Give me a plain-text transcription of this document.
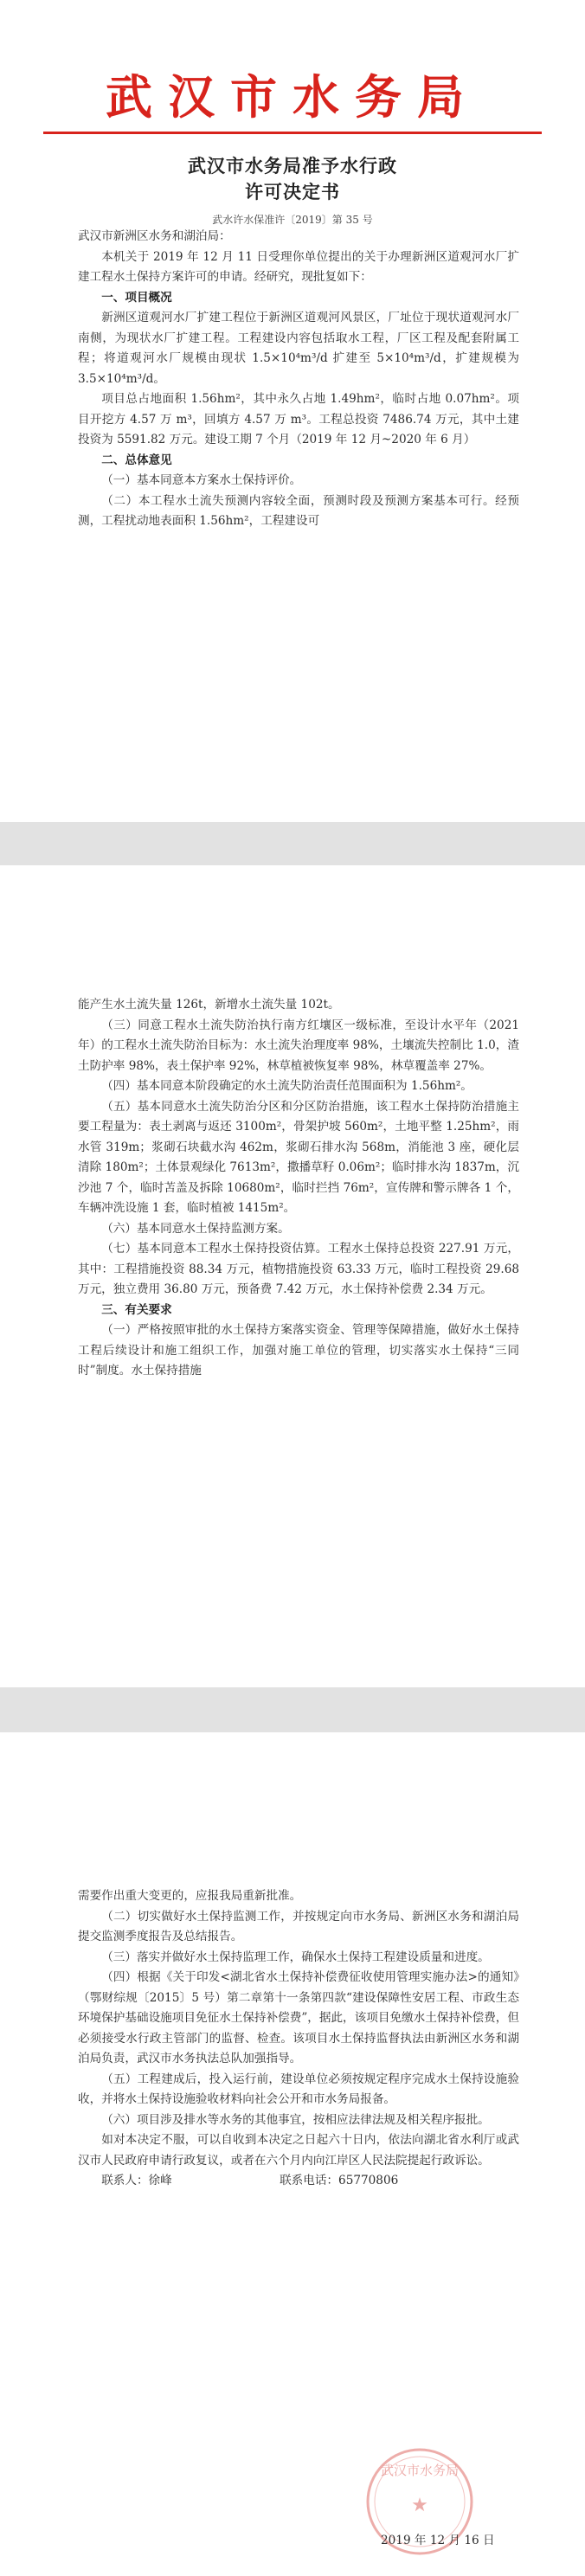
武汉市水务局
武汉市水务局准予水行政
许可决定书
武水许水保准许〔2019〕第 35 号

武汉市新洲区水务和湖泊局：

本机关于 2019 年 12 月 11 日受理你单位提出的关于办理新洲区道观河水厂扩建工程水土保持方案许可的申请。经研究，现批复如下：

一、项目概况

新洲区道观河水厂扩建工程位于新洲区道观河风景区，厂址位于现状道观河水厂南侧，为现状水厂扩建工程。工程建设内容包括取水工程，厂区工程及配套附属工程；将道观河水厂规模由现状 1.5×10⁴m³/d 扩建至 5×10⁴m³/d，扩建规模为 3.5×10⁴m³/d。

项目总占地面积 1.56hm²，其中永久占地 1.49hm²，临时占地 0.07hm²。项目开挖方 4.57 万 m³，回填方 4.57 万 m³。工程总投资 7486.74 万元，其中土建投资为 5591.82 万元。建设工期 7 个月（2019 年 12 月~2020 年 6 月）

二、总体意见

（一）基本同意本方案水土保持评价。

（二）本工程水土流失预测内容较全面，预测时段及预测方案基本可行。经预测，工程扰动地表面积 1.56hm²，工程建设可

能产生水土流失量 126t，新增水土流失量 102t。

（三）同意工程水土流失防治执行南方红壤区一级标准，至设计水平年（2021 年）的工程水土流失防治目标为：水土流失治理度率 98%，土壤流失控制比 1.0，渣土防护率 98%，表土保护率 92%，林草植被恢复率 98%，林草覆盖率 27%。

（四）基本同意本阶段确定的水土流失防治责任范围面积为 1.56hm²。

（五）基本同意水土流失防治分区和分区防治措施，该工程水土保持防治措施主要工程量为：表土剥离与返还 3100m²，骨架护坡 560m²，土地平整 1.25hm²，雨水管 319m；浆砌石块截水沟 462m，浆砌石排水沟 568m，消能池 3 座，硬化层清除 180m²；土体景观绿化 7613m²，撒播草籽 0.06m²；临时排水沟 1837m，沉沙池 7 个，临时苫盖及拆除 10680m²，临时拦挡 76m²，宣传牌和警示牌各 1 个，车辆冲洗设施 1 套，临时植被 1415m²。

（六）基本同意水土保持监测方案。

（七）基本同意本工程水土保持投资估算。工程水土保持总投资 227.91 万元，其中：工程措施投资 88.34 万元，植物措施投资 63.33 万元，临时工程投资 29.68 万元，独立费用 36.80 万元，预备费 7.42 万元，水土保持补偿费 2.34 万元。

三、有关要求

（一）严格按照审批的水土保持方案落实资金、管理等保障措施，做好水土保持工程后续设计和施工组织工作，加强对施工单位的管理，切实落实水土保持“三同时”制度。水土保持措施

需要作出重大变更的，应报我局重新批准。

（二）切实做好水土保持监测工作，并按规定向市水务局、新洲区水务和湖泊局提交监测季度报告及总结报告。

（三）落实并做好水土保持监理工作，确保水土保持工程建设质量和进度。

（四）根据《关于印发<湖北省水土保持补偿费征收使用管理实施办法>的通知》（鄂财综规〔2015〕5 号）第二章第十一条第四款“建设保障性安居工程、市政生态环境保护基础设施项目免征水土保持补偿费”，据此，该项目免缴水土保持补偿费，但必须接受水行政主管部门的监督、检查。该项目水土保持监督执法由新洲区水务和湖泊局负责，武汉市水务执法总队加强指导。

（五）工程建成后，投入运行前，建设单位必须按规定程序完成水土保持设施验收，并将水土保持设施验收材料向社会公开和市水务局报备。

（六）项目涉及排水等水务的其他事宜，按相应法律法规及相关程序报批。

如对本决定不服，可以自收到本决定之日起六十日内，依法向湖北省水利厅或武汉市人民政府申请行政复议，或者在六个月内向江岸区人民法院提起行政诉讼。

联系人：徐峰	联系电话：65770806

武汉市水务局
★
2019 年 12 月 16 日
